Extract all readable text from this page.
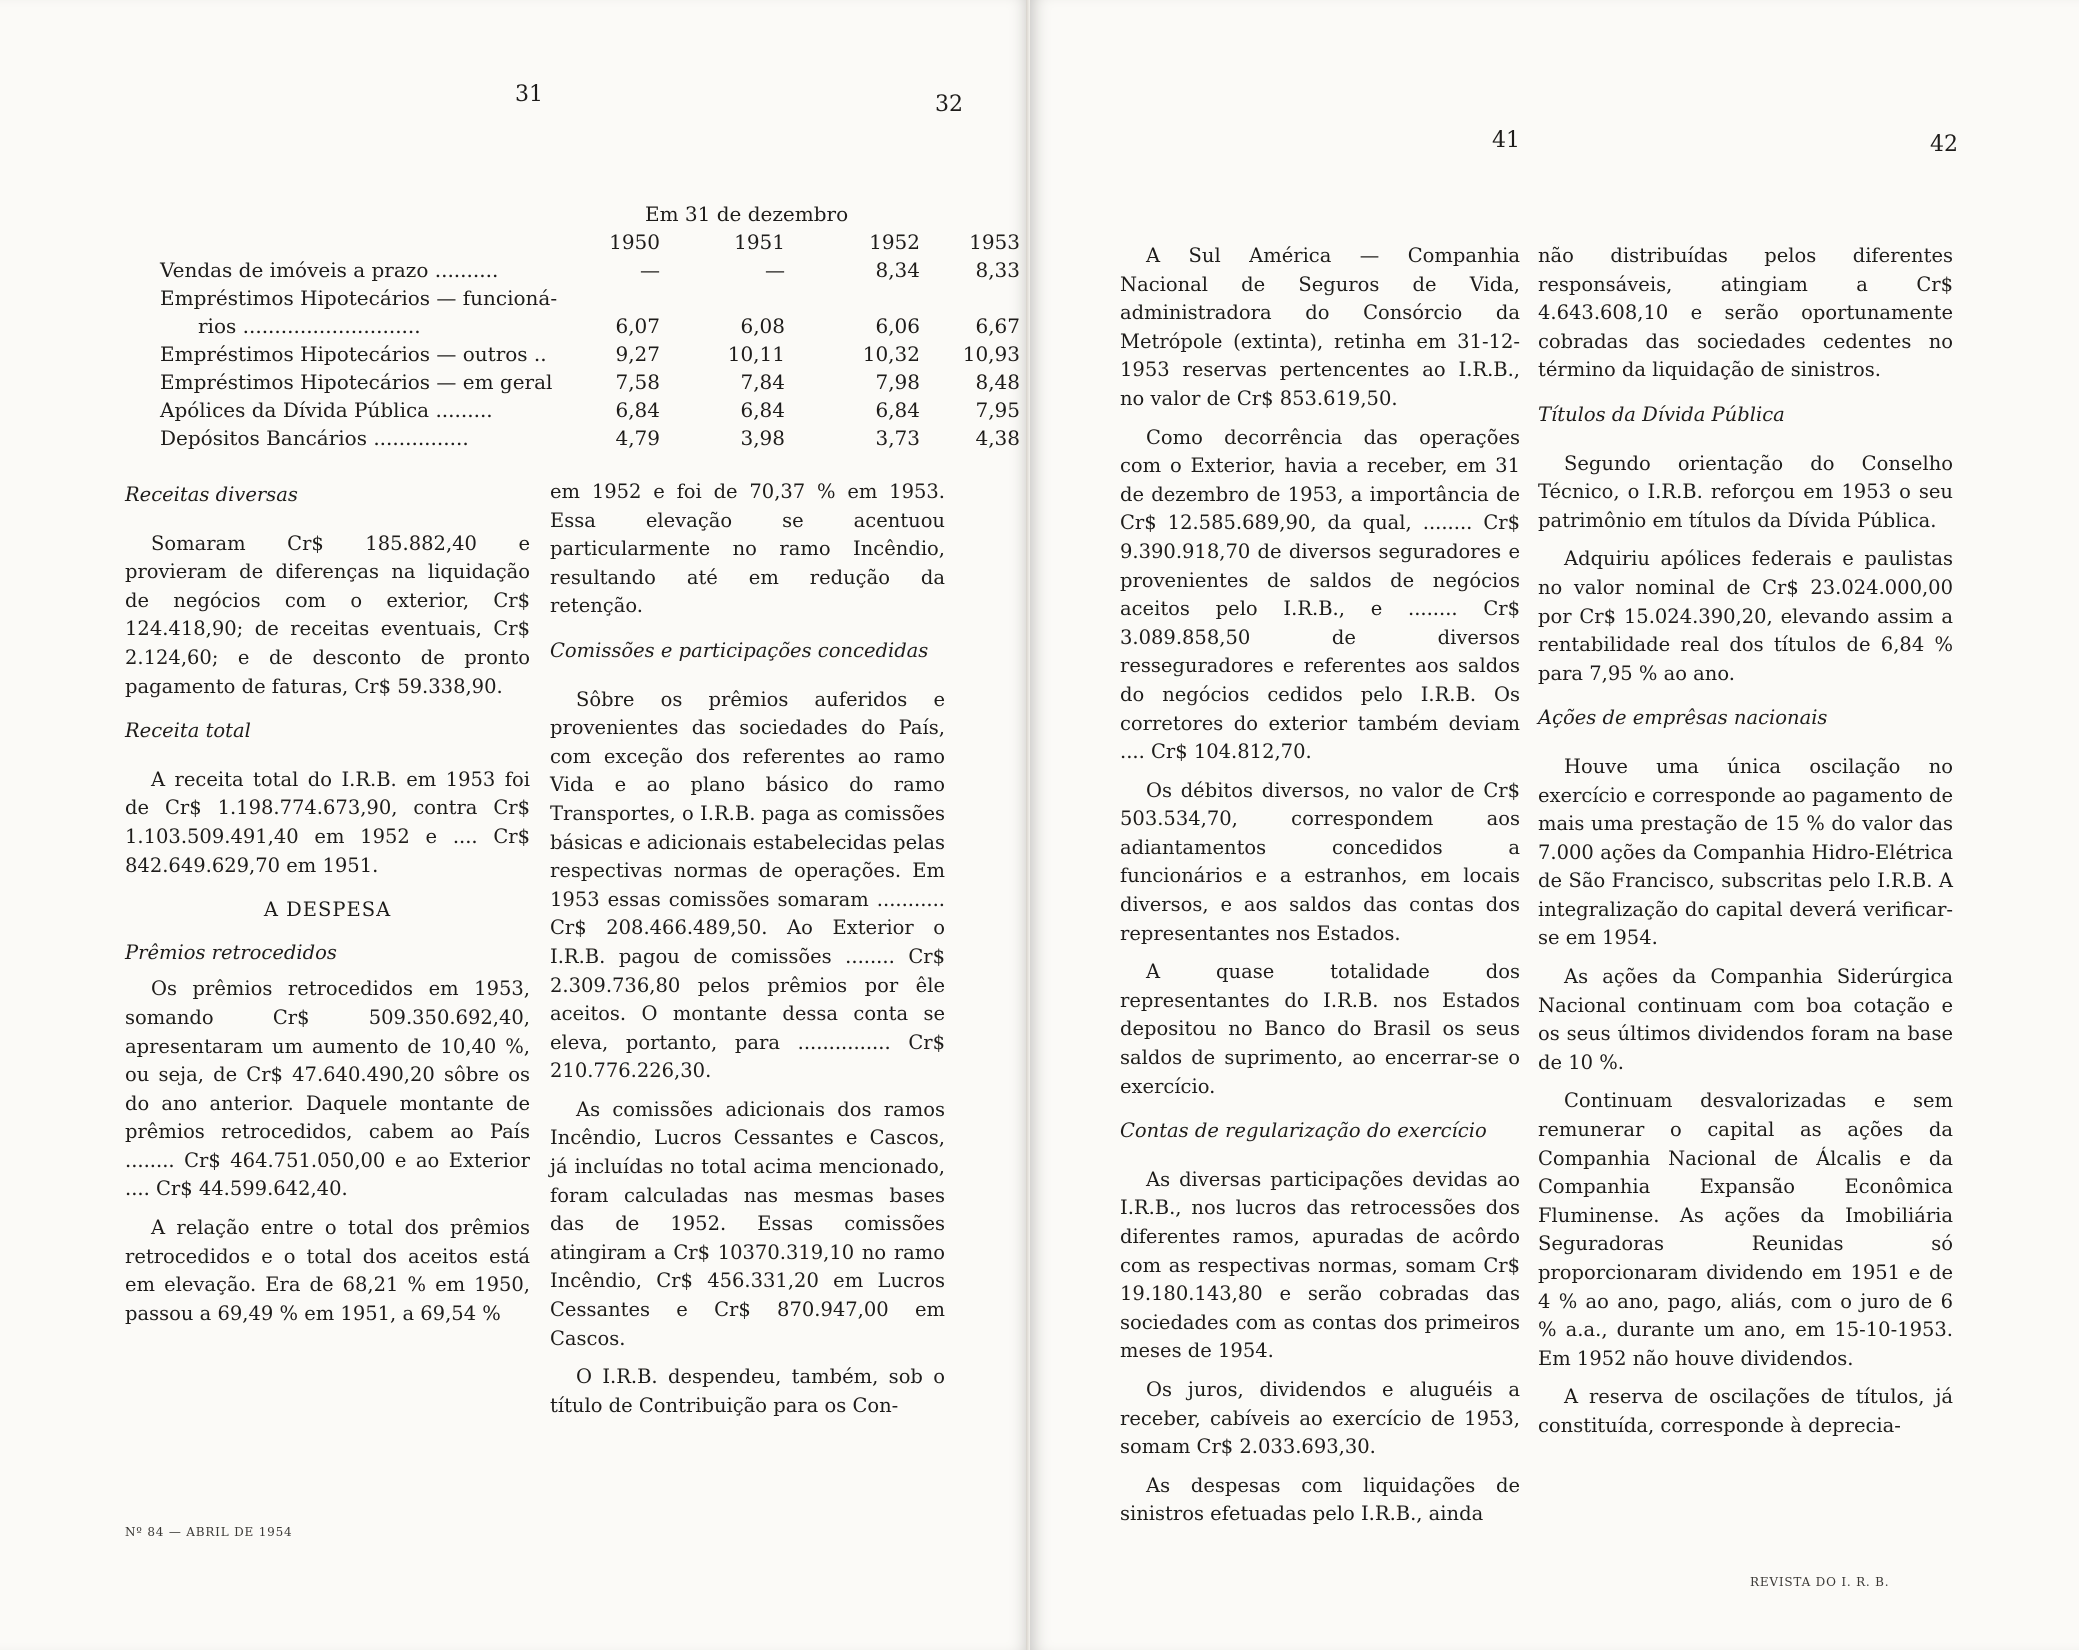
31	32
Em 31 de dezembro
1950	1951	1952	1953
Vendas de imóveis a prazo ..........	—	—	8,34	8,33
Empréstimos Hipotecários — funcioná-
rios ............................	6,07	6,08	6,06	6,67
Empréstimos Hipotecários — outros ..	9,27	10,11	10,32	10,93
Empréstimos Hipotecários — em geral	7,58	7,84	7,98	8,48
Apólices da Dívida Pública .........	6,84	6,84	6,84	7,95
Depósitos Bancários ...............	4,79	3,98	3,73	4,38
Receitas diversas

Somaram Cr$ 185.882,40 e provieram de diferenças na liquidação de negócios com o exterior, Cr$ 124.418,90; de receitas eventuais, Cr$ 2.124,60; e de desconto de pronto pagamento de faturas, Cr$ 59.338,90.

Receita total

A receita total do I.R.B. em 1953 foi de Cr$ 1.198.774.673,90, contra Cr$ 1.103.509.491,40 em 1952 e .... Cr$ 842.649.629,70 em 1951.

A DESPESA
Prêmios retrocedidos

Os prêmios retrocedidos em 1953, somando Cr$ 509.350.692,40, apresentaram um aumento de 10,40 %, ou seja, de Cr$ 47.640.490,20 sôbre os do ano anterior. Daquele montante de prêmios retrocedidos, cabem ao País ........ Cr$ 464.751.050,00 e ao Exterior .... Cr$ 44.599.642,40.

A relação entre o total dos prêmios retrocedidos e o total dos aceitos está em elevação. Era de 68,21 % em 1950, passou a 69,49 % em 1951, a 69,54 %

em 1952 e foi de 70,37 % em 1953. Essa elevação se acentuou particularmente no ramo Incêndio, resultando até em redução da retenção.

Comissões e participações concedidas

Sôbre os prêmios auferidos e provenientes das sociedades do País, com exceção dos referentes ao ramo Vida e ao plano básico do ramo Transportes, o I.R.B. paga as comissões básicas e adicionais estabelecidas pelas respectivas normas de operações. Em 1953 essas comissões somaram ........... Cr$ 208.466.489,50. Ao Exterior o I.R.B. pagou de comissões ........ Cr$ 2.309.736,80 pelos prêmios por êle aceitos. O montante dessa conta se eleva, portanto, para ............... Cr$ 210.776.226,30.

As comissões adicionais dos ramos Incêndio, Lucros Cessantes e Cascos, já incluídas no total acima mencionado, foram calculadas nas mesmas bases das de 1952. Essas comissões atingiram a Cr$ 10370.319,10 no ramo Incêndio, Cr$ 456.331,20 em Lucros Cessantes e Cr$ 870.947,00 em Cascos.

O I.R.B. despendeu, também, sob o título de Contribuição para os Con-

Nº 84 — ABRIL DE 1954
41	42

A Sul América — Companhia Nacional de Seguros de Vida, administradora do Consórcio da Metrópole (extinta), retinha em 31-12-1953 reservas pertencentes ao I.R.B., no valor de Cr$ 853.619,50.

Como decorrência das operações com o Exterior, havia a receber, em 31 de dezembro de 1953, a importância de Cr$ 12.585.689,90, da qual, ........ Cr$ 9.390.918,70 de diversos seguradores e provenientes de saldos de negócios aceitos pelo I.R.B., e ........ Cr$ 3.089.858,50 de diversos resseguradores e referentes aos saldos do negócios cedidos pelo I.R.B. Os corretores do exterior também deviam .... Cr$ 104.812,70.

Os débitos diversos, no valor de Cr$ 503.534,70, correspondem aos adiantamentos concedidos a funcionários e a estranhos, em locais diversos, e aos saldos das contas dos representantes nos Estados.

A quase totalidade dos representantes do I.R.B. nos Estados depositou no Banco do Brasil os seus saldos de suprimento, ao encerrar-se o exercício.

Contas de regularização do exercício

As diversas participações devidas ao I.R.B., nos lucros das retrocessões dos diferentes ramos, apuradas de acôrdo com as respectivas normas, somam Cr$ 19.180.143,80 e serão cobradas das sociedades com as contas dos primeiros meses de 1954.

Os juros, dividendos e aluguéis a receber, cabíveis ao exercício de 1953, somam Cr$ 2.033.693,30.

As despesas com liquidações de sinistros efetuadas pelo I.R.B., ainda

não distribuídas pelos diferentes responsáveis, atingiam a Cr$ 4.643.608,10 e serão oportunamente cobradas das sociedades cedentes no término da liquidação de sinistros.

Títulos da Dívida Pública

Segundo orientação do Conselho Técnico, o I.R.B. reforçou em 1953 o seu patrimônio em títulos da Dívida Pública.

Adquiriu apólices federais e paulistas no valor nominal de Cr$ 23.024.000,00 por Cr$ 15.024.390,20, elevando assim a rentabilidade real dos títulos de 6,84 % para 7,95 % ao ano.

Ações de emprêsas nacionais

Houve uma única oscilação no exercício e corresponde ao pagamento de mais uma prestação de 15 % do valor das 7.000 ações da Companhia Hidro-Elétrica de São Francisco, subscritas pelo I.R.B. A integralização do capital deverá verificar-se em 1954.

As ações da Companhia Siderúrgica Nacional continuam com boa cotação e os seus últimos dividendos foram na base de 10 %.

Continuam desvalorizadas e sem remunerar o capital as ações da Companhia Nacional de Álcalis e da Companhia Expansão Econômica Fluminense. As ações da Imobiliária Seguradoras Reunidas só proporcionaram dividendo em 1951 e de 4 % ao ano, pago, aliás, com o juro de 6 % a.a., durante um ano, em 15-10-1953. Em 1952 não houve dividendos.

A reserva de oscilações de títulos, já constituída, corresponde à deprecia-

REVISTA DO I. R. B.
